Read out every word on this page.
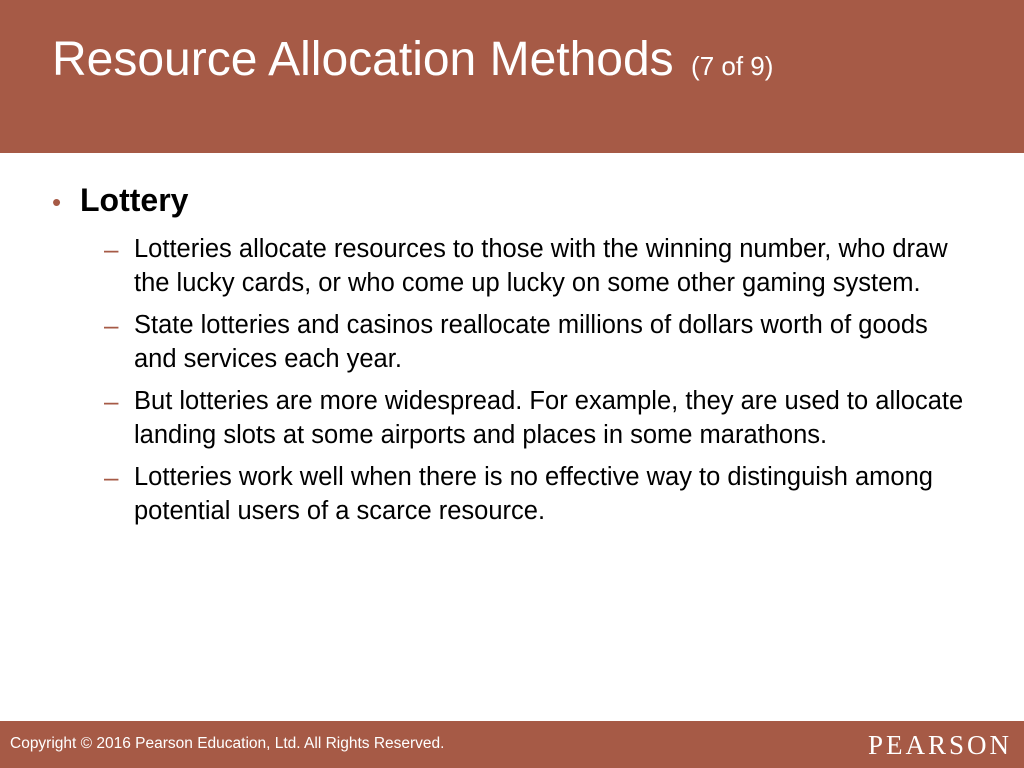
Resource Allocation Methods (7 of 9)
• Lottery
– Lotteries allocate resources to those with the winning number, who draw the lucky cards, or who come up lucky on some other gaming system.
– State lotteries and casinos reallocate millions of dollars worth of goods and services each year.
– But lotteries are more widespread. For example, they are used to allocate landing slots at some airports and places in some marathons.
– Lotteries work well when there is no effective way to distinguish among potential users of a scarce resource.
Copyright © 2016 Pearson Education, Ltd. All Rights Reserved.	PEARSON
